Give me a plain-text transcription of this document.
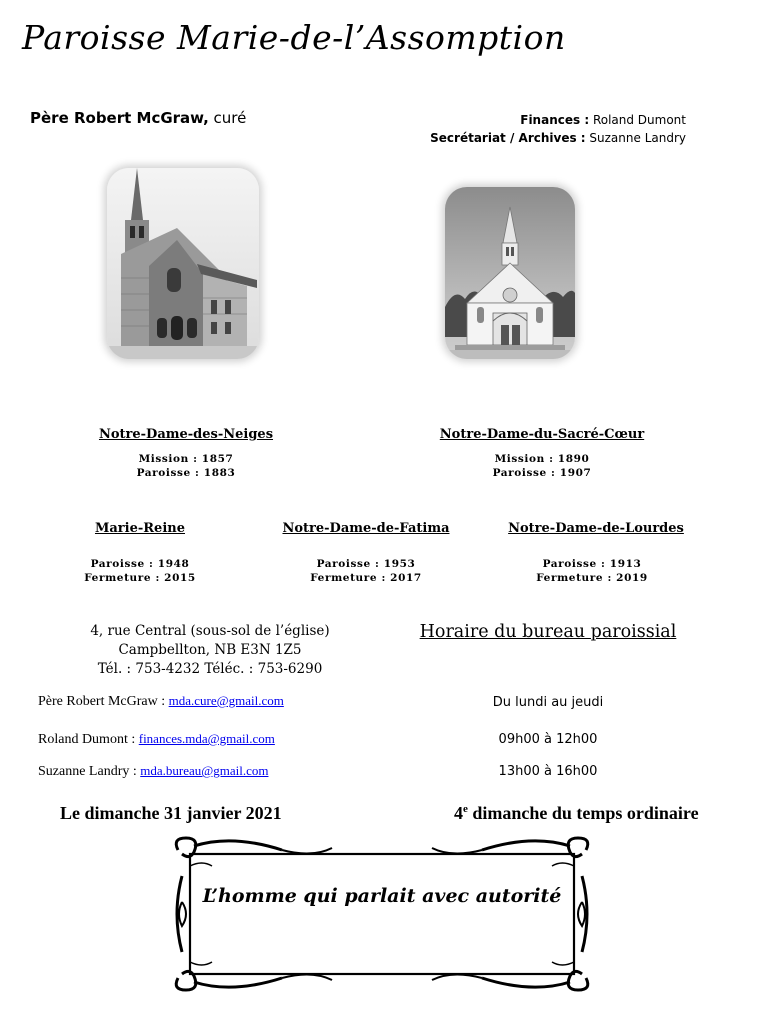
Paroisse Marie-de-l’Assomption
Père Robert McGraw, curé	Finances : Roland Dumont
Secrétariat / Archives : Suzanne Landry
Notre-Dame-des-Neiges
Mission : 1857
Paroisse : 1883
Notre-Dame-du-Sacré-Cœur
Mission : 1890
Paroisse : 1907
Marie-Reine
Paroisse : 1948
Fermeture : 2015
Notre-Dame-de-Fatima
Paroisse : 1953
Fermeture : 2017
Notre-Dame-de-Lourdes
Paroisse : 1913
Fermeture : 2019
4, rue Central (sous-sol de l’église)
Campbellton, NB E3N 1Z5
Tél. : 753-4232 Téléc. : 753-6290
Horaire du bureau paroissial
Père Robert McGraw : mda.cure@gmail.com
Roland Dumont : finances.mda@gmail.com
Suzanne Landry : mda.bureau@gmail.com
Du lundi au jeudi
09h00 à 12h00
13h00 à 16h00
Le dimanche 31 janvier 2021	4e dimanche du temps ordinaire
L’homme qui parlait avec autorité
